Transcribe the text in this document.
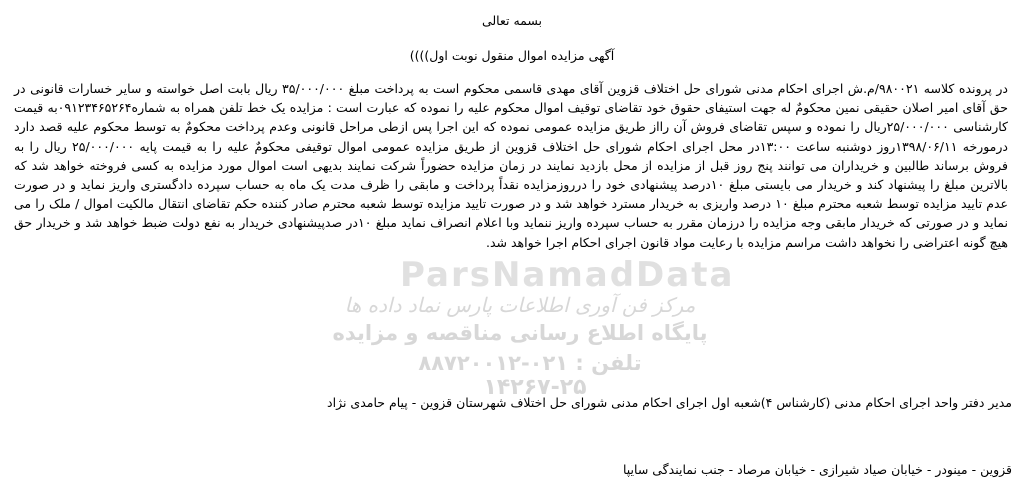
ParsNamadData
مرکز فن آوری اطلاعات پارس نماد داده ها
پایگاه اطلاع رسانی مناقصه و مزایده
تلفن : ۰۲۱-۸۸۷۲۰۰۱۲
۱۴۲۶۷-۲۵
بسمه تعالی
آگهی مزایده اموال منقول نوبت اول))))
در پرونده کلاسه ۹۸۰۰۲۱/م.ش اجرای احکام مدنی شورای حل اختلاف قزوین آقای مهدی قاسمی محکوم است به پرداخت مبلغ ۳۵/۰۰۰/۰۰۰ ریال بابت اصل خواسته و سایر خسارات قانونی در حق آقای امیر اصلان حقیقی نمین محکومٌ له جهت استیفای حقوق خود تقاضای توقیف اموال محکوم علیه را نموده که عبارت است : مزایده یک خط تلفن همراه به شماره۰۹۱۲۳۴۶۵۲۶۴به قیمت کارشناسی ۲۵/۰۰۰/۰۰۰ریال را نموده و سپس تقاضای فروش آن رااز طریق مزایده عمومی نموده که این اجرا پس ازطی مراحل قانونی وعدم پرداخت محکومٌ به توسط محکوم علیه قصد دارد درمورخه ۱۳۹۸/۰۶/۱۱روز دوشنبه ساعت ۱۳:۰۰در محل اجرای احکام شورای حل اختلاف قزوین از طریق مزایده عمومی اموال توقیفی محکومٌ علیه را به قیمت پایه ۲۵/۰۰۰/۰۰۰ ریال را به فروش برساند طالبین و خریداران می توانند پنج روز قبل از مزایده از محل بازدید نمایند در زمان مزایده حضوراً شرکت نمایند بدیهی است اموال مورد مزایده به کسی فروخته خواهد شد که بالاترین مبلغ را پیشنهاد کند و خریدار می بایستی مبلغ ۱۰درصد پیشنهادی خود را درروزمزایده نقداً پرداخت و مابقی را ظرف مدت یک ماه به حساب سپرده دادگستری واریز نماید و در صورت عدم تایید مزایده توسط شعبه محترم مبلغ ۱۰ درصد واریزی به خریدار مسترد خواهد شد و در صورت تایید مزایده توسط شعبه محترم صادر کننده حکم تقاضای انتقال مالکیت اموال / ملک را می نماید و در صورتی که خریدار مابقی وجه مزایده را درزمان مقرر به حساب سپرده واریز ننماید وبا اعلام انصراف نماید مبلغ ۱۰در صدپیشنهادی خریدار به نفع دولت ضبط خواهد شد و خریدار حق هیچ گونه اعتراضی را نخواهد داشت مراسم مزایده با رعایت مواد قانون اجرای احکام اجرا خواهد شد.
مدیر دفتر واحد اجرای احکام مدنی (کارشناس ۴)شعبه اول اجرای احکام مدنی شورای حل اختلاف شهرستان قزوین - پیام حامدی نژاد
قزوین - مینودر - خیابان صیاد شیرازی - خیابان مرصاد - جنب نمایندگی سایپا
